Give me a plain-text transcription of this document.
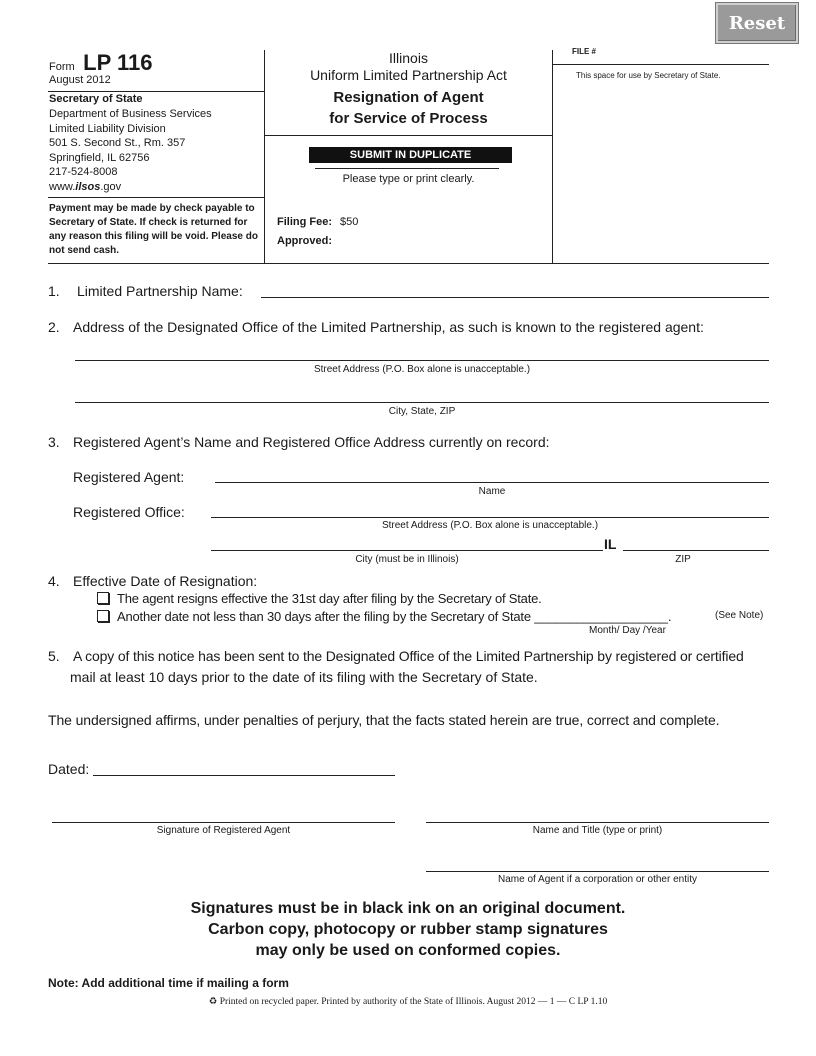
Reset
Form LP 116
August 2012
Secretary of State
Department of Business Services
Limited Liability Division
501 S. Second St., Rm. 357
Springfield, IL 62756
217-524-8008
www.ilsos.gov
Payment may be made by check payable to Secretary of State. If check is returned for any reason this filing will be void. Please do not send cash.
Illinois
Uniform Limited Partnership Act
Resignation of Agent
for Service of Process
SUBMIT IN DUPLICATE
Please type or print clearly.
Filing Fee: $50
Approved:
FILE #
This space for use by Secretary of State.
1. Limited Partnership Name:
2. Address of the Designated Office of the Limited Partnership, as such is known to the registered agent:
Street Address (P.O. Box alone is unacceptable.)
City, State, ZIP
3. Registered Agent’s Name and Registered Office Address currently on record:
Registered Agent:
Name
Registered Office:
Street Address (P.O. Box alone is unacceptable.)
IL
City (must be in Illinois)	ZIP
4. Effective Date of Resignation:
The agent resigns effective the 31st day after filing by the Secretary of State.
Another date not less than 30 days after the filing by the Secretary of State ___________________.	(See Note)
Month/ Day /Year
5. A copy of this notice has been sent to the Designated Office of the Limited Partnership by registered or certified
mail at least 10 days prior to the date of its filing with the Secretary of State.
The undersigned affirms, under penalties of perjury, that the facts stated herein are true, correct and complete.
Dated:
Signature of Registered Agent	Name and Title (type or print)
Name of Agent if a corporation or other entity
Signatures must be in black ink on an original document.
Carbon copy, photocopy or rubber stamp signatures
may only be used on conformed copies.
Note: Add additional time if mailing a form
♻ Printed on recycled paper. Printed by authority of the State of Illinois. August 2012 — 1 — C LP 1.10
